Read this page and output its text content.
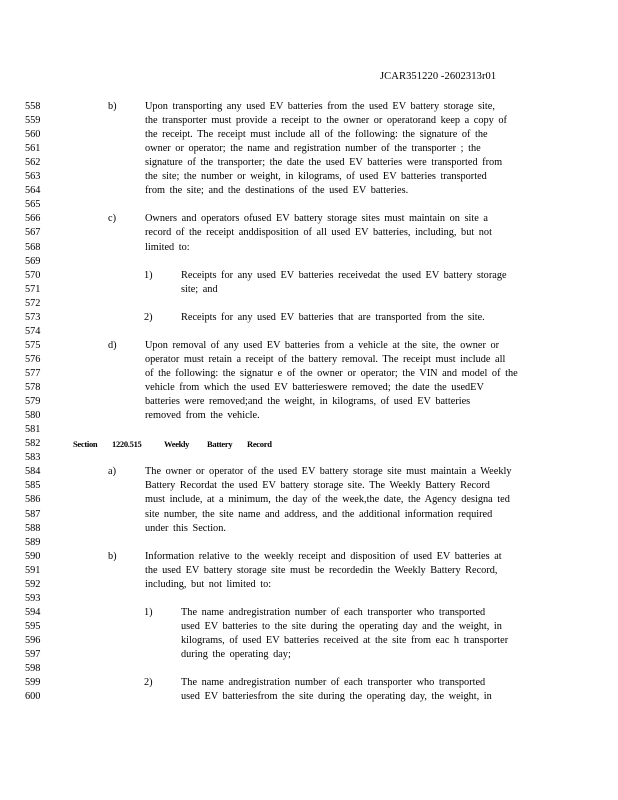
JCAR351220 -2602313r01
558	b)	Upon transporting any used EV batteries from the used EV battery storage site,
559	the transporter must provide a receipt to the owner or operatorand keep a copy of
560	the receipt. The receipt must include all of the following: the signature of the
561	owner or operator; the name and registration number of the transporter ; the
562	signature of the transporter; the date the used EV batteries were transported from
563	the site; the number or weight, in kilograms, of used EV batteries transported
564	from the site; and the destinations of the used EV batteries.
565
566	c)	Owners and operators ofused EV battery storage sites must maintain on site a
567	record of the receipt anddisposition of all used EV batteries, including, but not
568	limited to:
569
570	1)	Receipts for any used EV batteries receivedat the used EV battery storage
571	site; and
572
573	2)	Receipts for any used EV batteries that are transported from the site.
574
575	d)	Upon removal of any used EV batteries from a vehicle at the site, the owner or
576	operator must retain a receipt of the battery removal. The receipt must include all
577	of the following: the signatur e of the owner or operator; the VIN and model of the
578	vehicle from which the used EV batterieswere removed; the date the usedEV
579	batteries were removed;and the weight, in kilograms, of used EV batteries
580	removed from the vehicle.
581
582	Section 1220.515	Weekly Battery Record
583
584	a)	The owner or operator of the used EV battery storage site must maintain a Weekly
585	Battery Recordat the used EV battery storage site. The Weekly Battery Record
586	must include, at a minimum, the day of the week,the date, the Agency designa ted
587	site number, the site name and address, and the additional information required
588	under this Section.
589
590	b)	Information relative to the weekly receipt and disposition of used EV batteries at
591	the used EV battery storage site must be recordedin the Weekly Battery Record,
592	including, but not limited to:
593
594	1)	The name andregistration number of each transporter who transported
595	used EV batteries to the site during the operating day and the weight, in
596	kilograms, of used EV batteries received at the site from eac h transporter
597	during the operating day;
598
599	2)	The name andregistration number of each transporter who transported
600	used EV batteriesfrom the site during the operating day, the weight, in
